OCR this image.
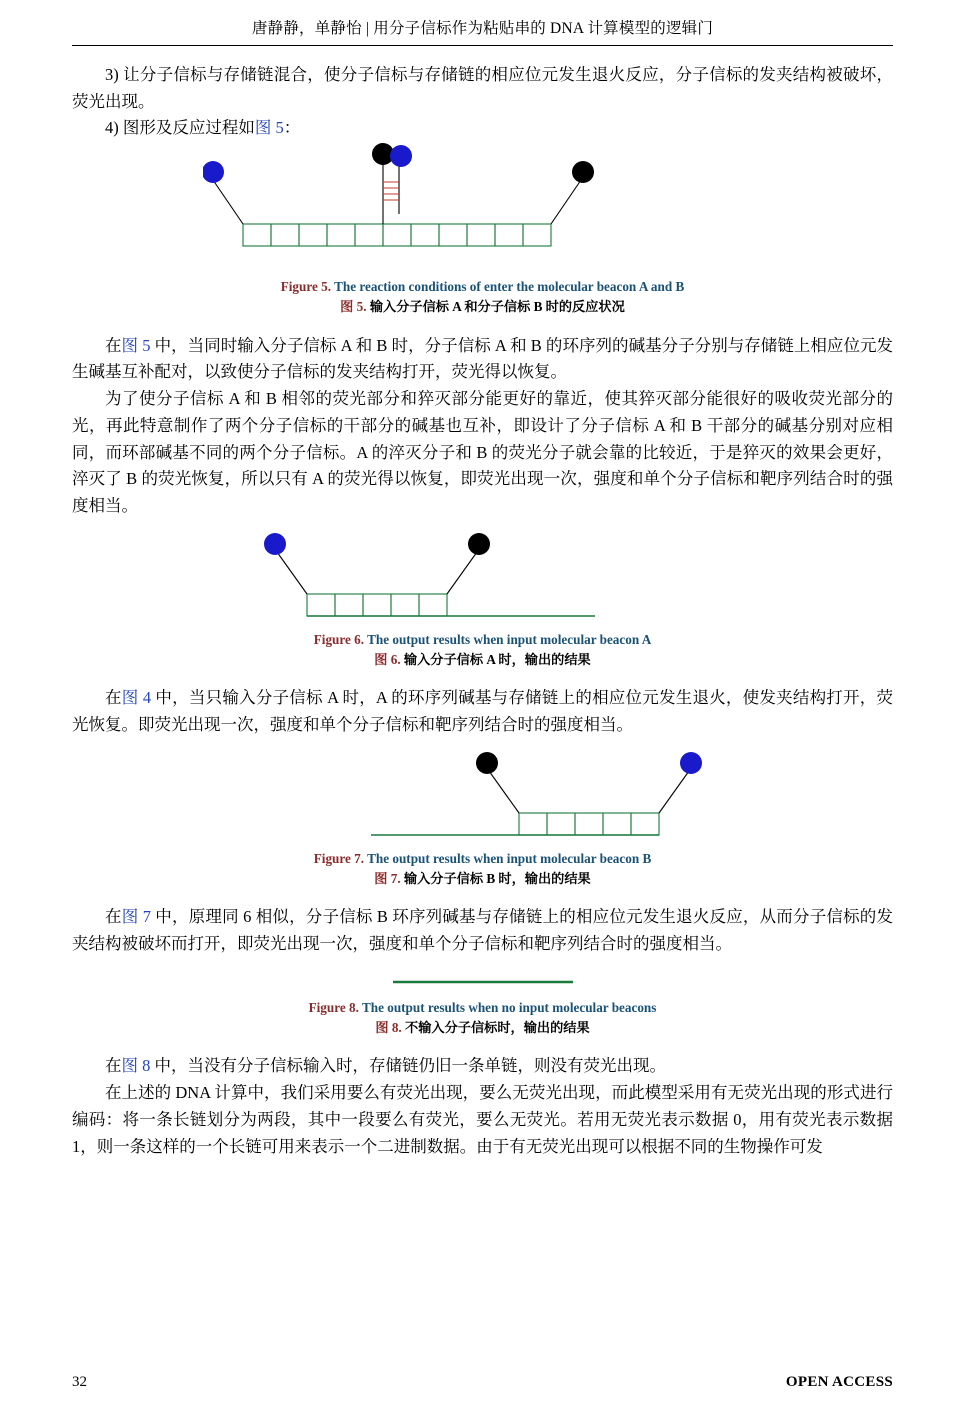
唐静静，单静怡 | 用分子信标作为粘贴串的 DNA 计算模型的逻辑门

3) 让分子信标与存储链混合，使分子信标与存储链的相应位元发生退火反应，分子信标的发夹结构被破坏，荧光出现。

4) 图形及反应过程如图 5：

Figure 5. The reaction conditions of enter the molecular beacon A and B
图 5. 输入分子信标 A 和分子信标 B 时的反应状况

在图 5 中，当同时输入分子信标 A 和 B 时，分子信标 A 和 B 的环序列的碱基分子分别与存储链上相应位元发生碱基互补配对，以致使分子信标的发夹结构打开，荧光得以恢复。

为了使分子信标 A 和 B 相邻的荧光部分和猝灭部分能更好的靠近，使其猝灭部分能很好的吸收荧光部分的光，再此特意制作了两个分子信标的干部分的碱基也互补，即设计了分子信标 A 和 B 干部分的碱基分别对应相同，而环部碱基不同的两个分子信标。A 的淬灭分子和 B 的荧光分子就会靠的比较近，于是猝灭的效果会更好，淬灭了 B 的荧光恢复，所以只有 A 的荧光得以恢复，即荧光出现一次，强度和单个分子信标和靶序列结合时的强度相当。

Figure 6. The output results when input molecular beacon A
图 6. 输入分子信标 A 时，输出的结果

在图 4 中，当只输入分子信标 A 时，A 的环序列碱基与存储链上的相应位元发生退火，使发夹结构打开，荧光恢复。即荧光出现一次，强度和单个分子信标和靶序列结合时的强度相当。

Figure 7. The output results when input molecular beacon B
图 7. 输入分子信标 B 时，输出的结果

在图 7 中，原理同 6 相似，分子信标 B 环序列碱基与存储链上的相应位元发生退火反应，从而分子信标的发夹结构被破坏而打开，即荧光出现一次，强度和单个分子信标和靶序列结合时的强度相当。

Figure 8. The output results when no input molecular beacons
图 8. 不输入分子信标时，输出的结果

在图 8 中，当没有分子信标输入时，存储链仍旧一条单链，则没有荧光出现。

在上述的 DNA 计算中，我们采用要么有荧光出现，要么无荧光出现，而此模型采用有无荧光出现的形式进行编码：将一条长链划分为两段，其中一段要么有荧光，要么无荧光。若用无荧光表示数据 0，用有荧光表示数据 1，则一条这样的一个长链可用来表示一个二进制数据。由于有无荧光出现可以根据不同的生物操作可发

32	OPEN ACCESS
